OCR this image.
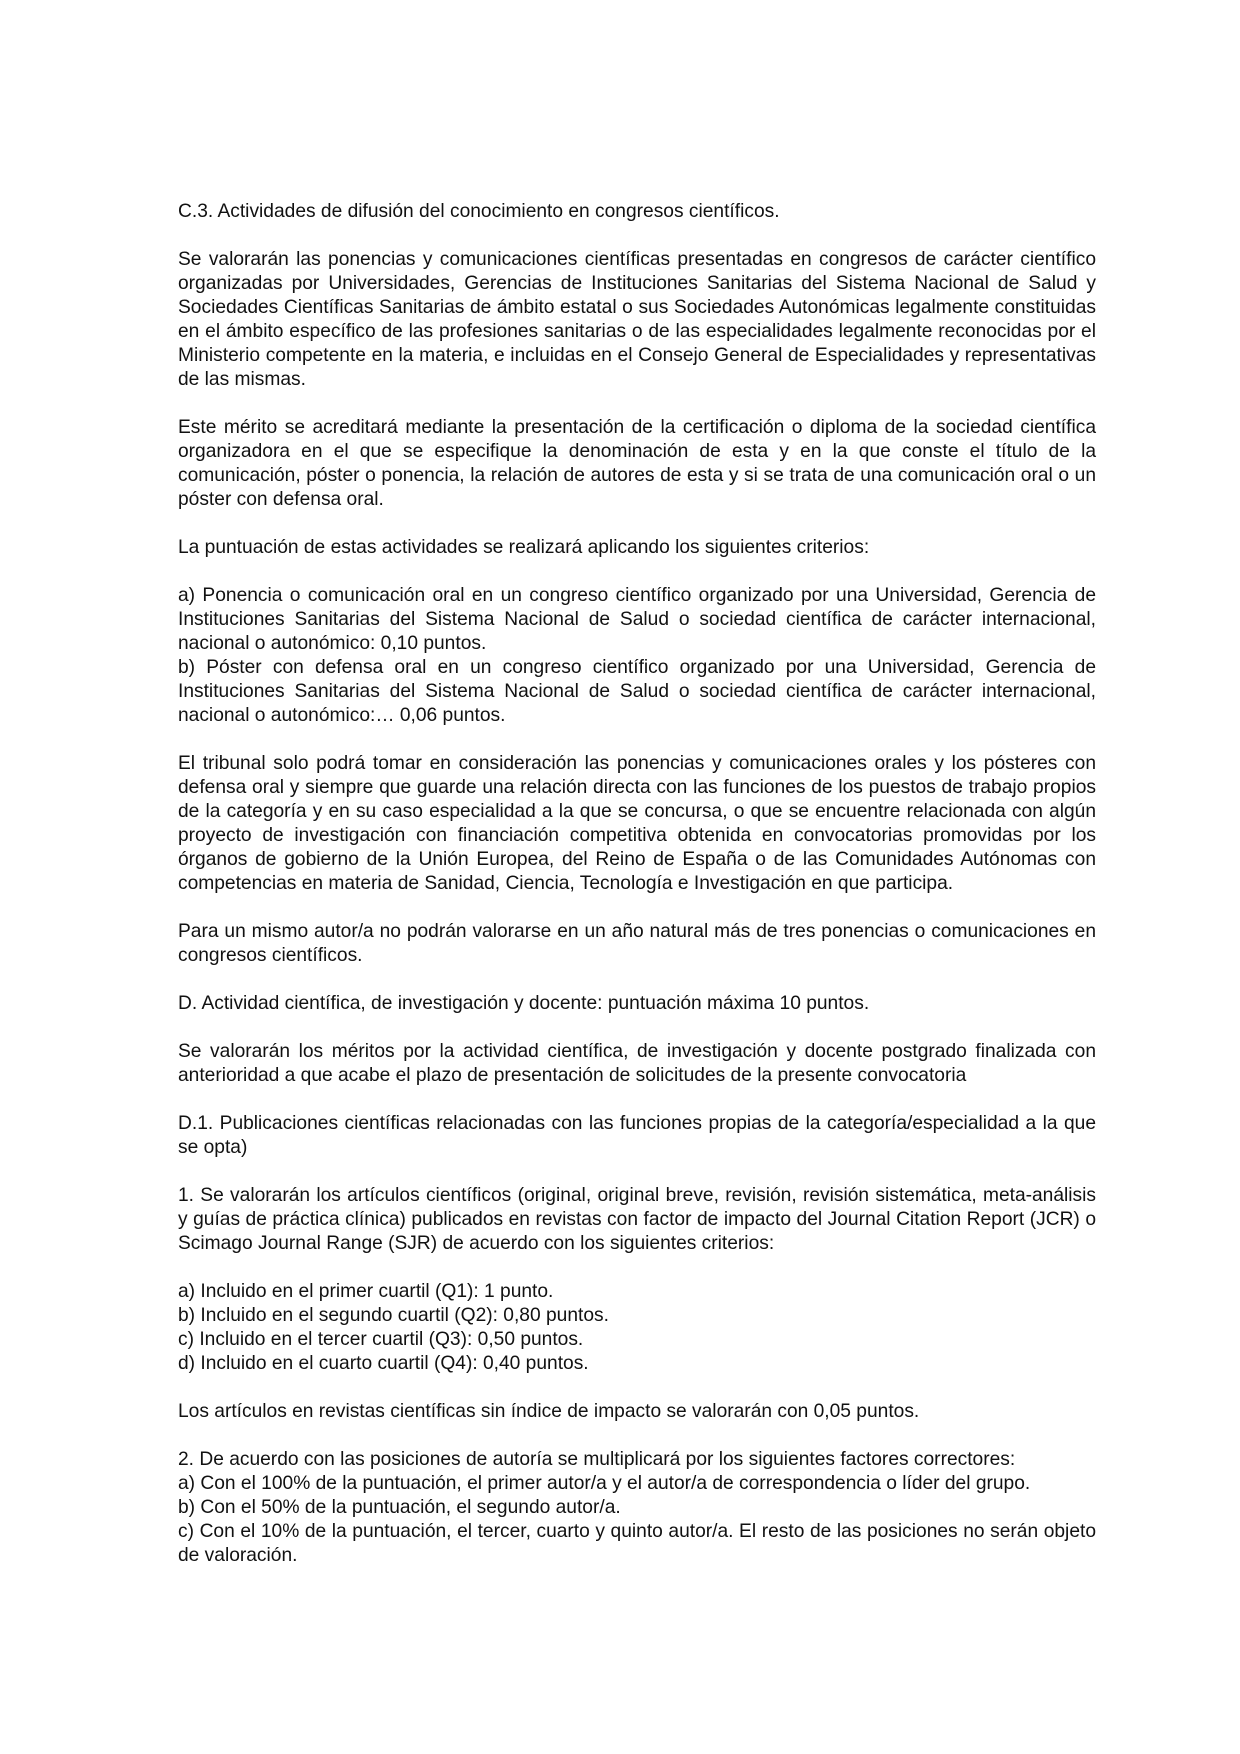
C.3. Actividades de difusión del conocimiento en congresos científicos.

Se valorarán las ponencias y comunicaciones científicas presentadas en congresos de carácter científico organizadas por Universidades, Gerencias de Instituciones Sanitarias del Sistema Nacional de Salud y Sociedades Científicas Sanitarias de ámbito estatal o sus Sociedades Autonómicas legalmente constituidas en el ámbito específico de las profesiones sanitarias o de las especialidades legalmente reconocidas por el Ministerio competente en la materia, e incluidas en el Consejo General de Especialidades y representativas de las mismas.

Este mérito se acreditará mediante la presentación de la certificación o diploma de la sociedad científica organizadora en el que se especifique la denominación de esta y en la que conste el título de la comunicación, póster o ponencia, la relación de autores de esta y si se trata de una comunicación oral o un póster con defensa oral.

La puntuación de estas actividades se realizará aplicando los siguientes criterios:

a) Ponencia o comunicación oral en un congreso científico organizado por una Universidad, Gerencia de Instituciones Sanitarias del Sistema Nacional de Salud o sociedad científica de carácter internacional, nacional o autonómico: 0,10 puntos.
b) Póster con defensa oral en un congreso científico organizado por una Universidad, Gerencia de Instituciones Sanitarias del Sistema Nacional de Salud o sociedad científica de carácter internacional, nacional o autonómico:… 0,06 puntos.

El tribunal solo podrá tomar en consideración las ponencias y comunicaciones orales y los pósteres con defensa oral y siempre que guarde una relación directa con las funciones de los puestos de trabajo propios de la categoría y en su caso especialidad a la que se concursa, o que se encuentre relacionada con algún proyecto de investigación con financiación competitiva obtenida en convocatorias promovidas por los órganos de gobierno de la Unión Europea, del Reino de España o de las Comunidades Autónomas con competencias en materia de Sanidad, Ciencia, Tecnología e Investigación en que participa.

Para un mismo autor/a no podrán valorarse en un año natural más de tres ponencias o comunicaciones en congresos científicos.

D. Actividad científica, de investigación y docente: puntuación máxima 10 puntos.

Se valorarán los méritos por la actividad científica, de investigación y docente postgrado finalizada con anterioridad a que acabe el plazo de presentación de solicitudes de la presente convocatoria

D.1. Publicaciones científicas relacionadas con las funciones propias de la categoría/especialidad a la que se opta)

1. Se valorarán los artículos científicos (original, original breve, revisión, revisión sistemática, meta-análisis y guías de práctica clínica) publicados en revistas con factor de impacto del Journal Citation Report (JCR) o Scimago Journal Range (SJR) de acuerdo con los siguientes criterios:

a) Incluido en el primer cuartil (Q1): 1 punto.
b) Incluido en el segundo cuartil (Q2): 0,80 puntos.
c) Incluido en el tercer cuartil (Q3): 0,50 puntos.
d) Incluido en el cuarto cuartil (Q4): 0,40 puntos.

Los artículos en revistas científicas sin índice de impacto se valorarán con 0,05 puntos.

2. De acuerdo con las posiciones de autoría se multiplicará por los siguientes factores correctores:
a) Con el 100% de la puntuación, el primer autor/a y el autor/a de correspondencia o líder del grupo.
b) Con el 50% de la puntuación, el segundo autor/a.
c) Con el 10% de la puntuación, el tercer, cuarto y quinto autor/a. El resto de las posiciones no serán objeto de valoración.
